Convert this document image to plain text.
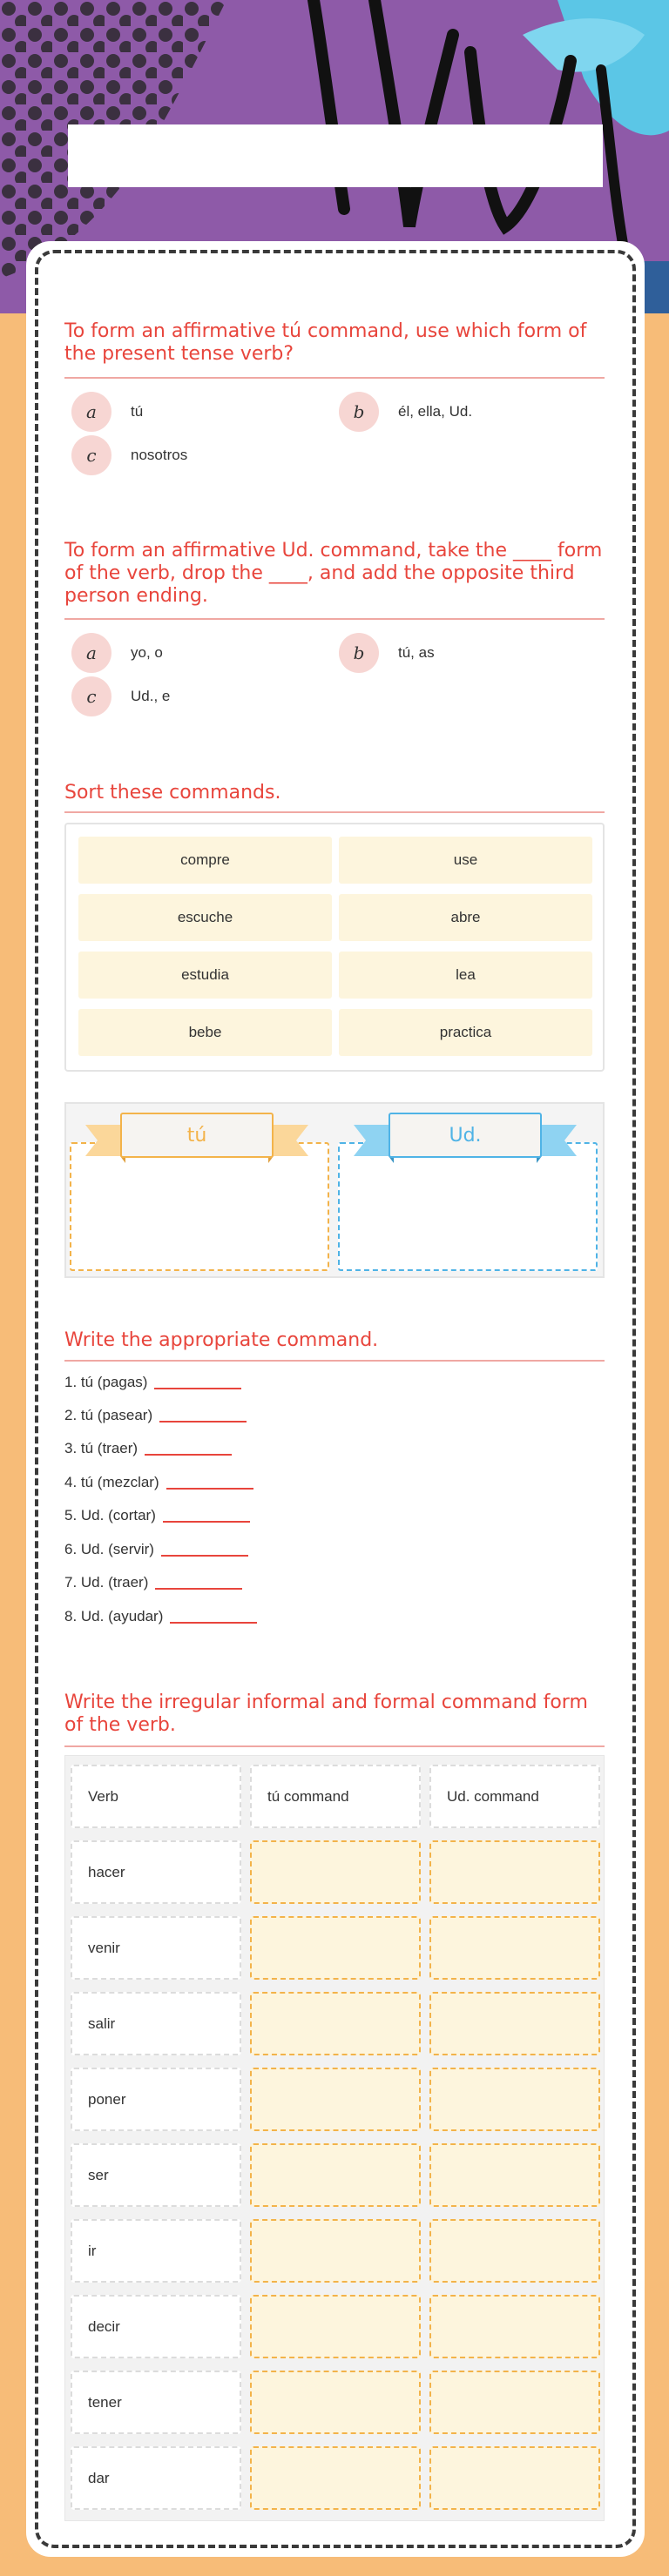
To form an affirmative tú command, use which form of the present tense verb?
a	tú	b	él, ella, Ud.
c	nosotros
To form an affirmative Ud. command, take the ____ form of the verb, drop the ____, and add the opposite third person ending.
a	yo, o	b	tú, as
c	Ud., e
Sort these commands.
compre	use
escuche	abre
estudia	lea
bebe	practica
tú	Ud.
Write the appropriate command.
1. tú (pagas)
2. tú (pasear)
3. tú (traer)
4. tú (mezclar)
5. Ud. (cortar)
6. Ud. (servir)
7. Ud. (traer)
8. Ud. (ayudar)
Write the irregular informal and formal command form of the verb.
Verb	tú command	Ud. command
hacer
venir
salir
poner
ser
ir
decir
tener
dar
